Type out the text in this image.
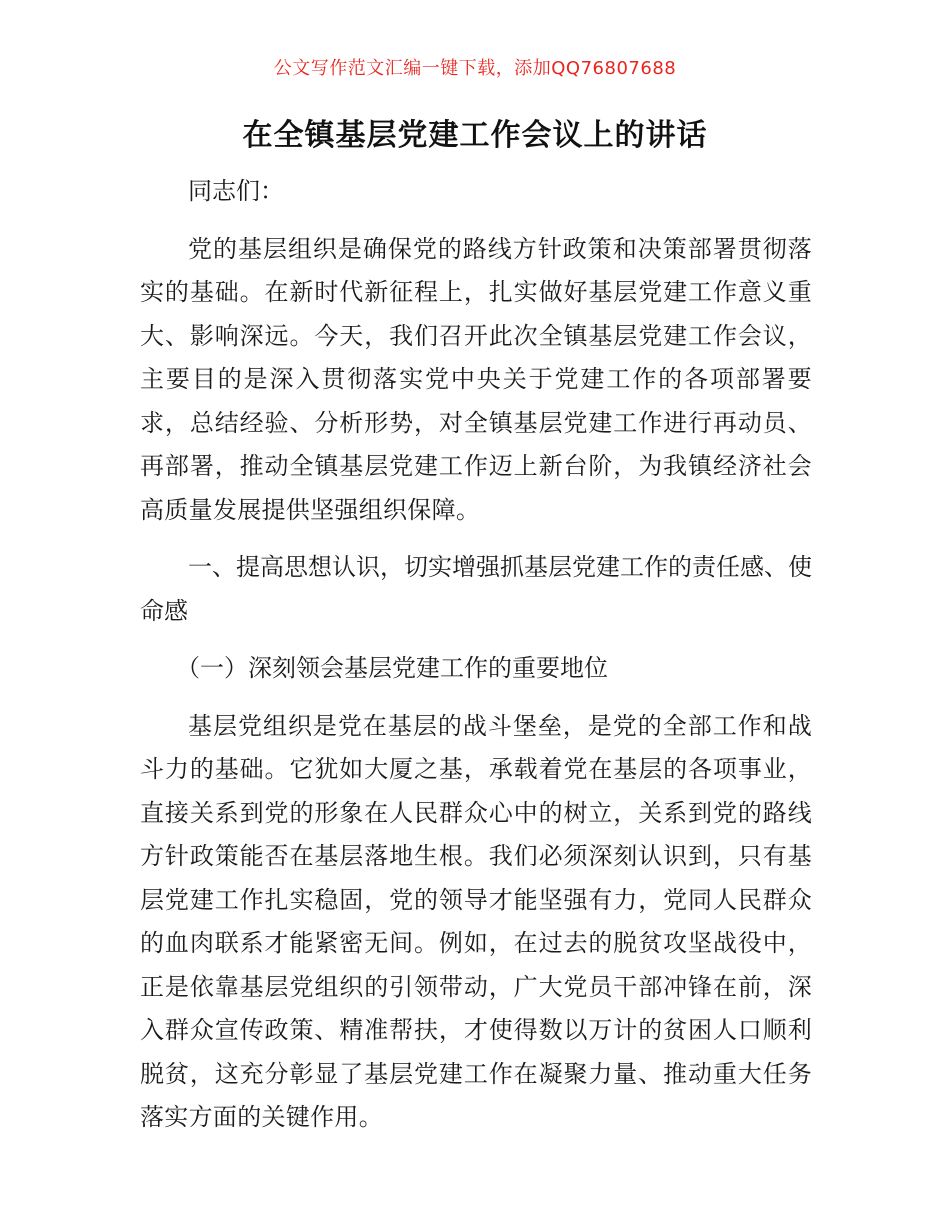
公文写作范文汇编一键下载，添加QQ76807688
在全镇基层党建工作会议上的讲话

同志们：

党的基层组织是确保党的路线方针政策和决策部署贯彻落实的基础。在新时代新征程上，扎实做好基层党建工作意义重大、影响深远。今天，我们召开此次全镇基层党建工作会议，主要目的是深入贯彻落实党中央关于党建工作的各项部署要求，总结经验、分析形势，对全镇基层党建工作进行再动员、再部署，推动全镇基层党建工作迈上新台阶，为我镇经济社会高质量发展提供坚强组织保障。

一、提高思想认识，切实增强抓基层党建工作的责任感、使命感

（一）深刻领会基层党建工作的重要地位

基层党组织是党在基层的战斗堡垒，是党的全部工作和战斗力的基础。它犹如大厦之基，承载着党在基层的各项事业，直接关系到党的形象在人民群众心中的树立，关系到党的路线方针政策能否在基层落地生根。我们必须深刻认识到，只有基层党建工作扎实稳固，党的领导才能坚强有力，党同人民群众的血肉联系才能紧密无间。例如，在过去的脱贫攻坚战役中，正是依靠基层党组织的引领带动，广大党员干部冲锋在前，深入群众宣传政策、精准帮扶，才使得数以万计的贫困人口顺利脱贫，这充分彰显了基层党建工作在凝聚力量、推动重大任务落实方面的关键作用。
